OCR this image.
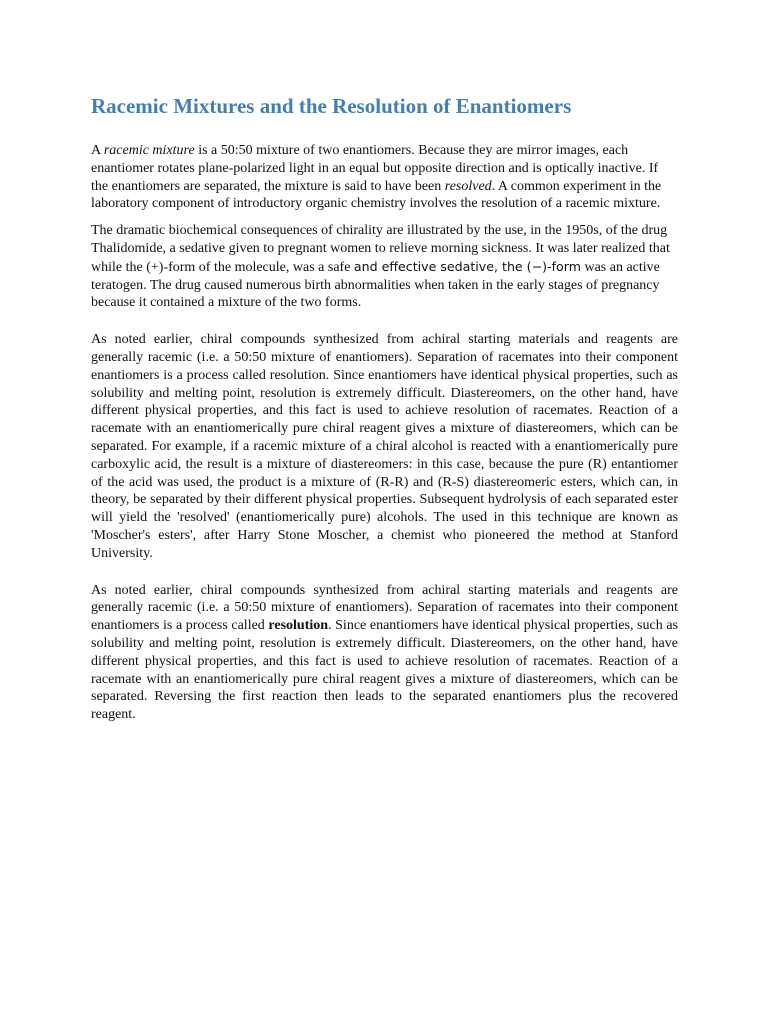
Racemic Mixtures and the Resolution of Enantiomers

A racemic mixture is a 50:50 mixture of two enantiomers. Because they are mirror images, each enantiomer rotates plane-polarized light in an equal but opposite direction and is optically inactive. If the enantiomers are separated, the mixture is said to have been resolved. A common experiment in the laboratory component of introductory organic chemistry involves the resolution of a racemic mixture.

The dramatic biochemical consequences of chirality are illustrated by the use, in the 1950s, of the drug Thalidomide, a sedative given to pregnant women to relieve morning sickness. It was later realized that while the (+)-form of the molecule, was a safe and effective sedative, the (−)-form was an active teratogen. The drug caused numerous birth abnormalities when taken in the early stages of pregnancy because it contained a mixture of the two forms.

As noted earlier, chiral compounds synthesized from achiral starting materials and reagents are generally racemic (i.e. a 50:50 mixture of enantiomers). Separation of racemates into their component enantiomers is a process called resolution. Since enantiomers have identical physical properties, such as solubility and melting point, resolution is extremely difficult. Diastereomers, on the other hand, have different physical properties, and this fact is used to achieve resolution of racemates. Reaction of a racemate with an enantiomerically pure chiral reagent gives a mixture of diastereomers, which can be separated. For example, if a racemic mixture of a chiral alcohol is reacted with a enantiomerically pure carboxylic acid, the result is a mixture of diastereomers: in this case, because the pure (R) entantiomer of the acid was used, the product is a mixture of (R-R) and (R-S) diastereomeric esters, which can, in theory, be separated by their different physical properties. Subsequent hydrolysis of each separated ester will yield the 'resolved' (enantiomerically pure) alcohols. The used in this technique are known as 'Moscher's esters', after Harry Stone Moscher, a chemist who pioneered the method at Stanford University.

As noted earlier, chiral compounds synthesized from achiral starting materials and reagents are generally racemic (i.e. a 50:50 mixture of enantiomers). Separation of racemates into their component enantiomers is a process called resolution. Since enantiomers have identical physical properties, such as solubility and melting point, resolution is extremely difficult. Diastereomers, on the other hand, have different physical properties, and this fact is used to achieve resolution of racemates. Reaction of a racemate with an enantiomerically pure chiral reagent gives a mixture of diastereomers, which can be separated. Reversing the first reaction then leads to the separated enantiomers plus the recovered reagent.
